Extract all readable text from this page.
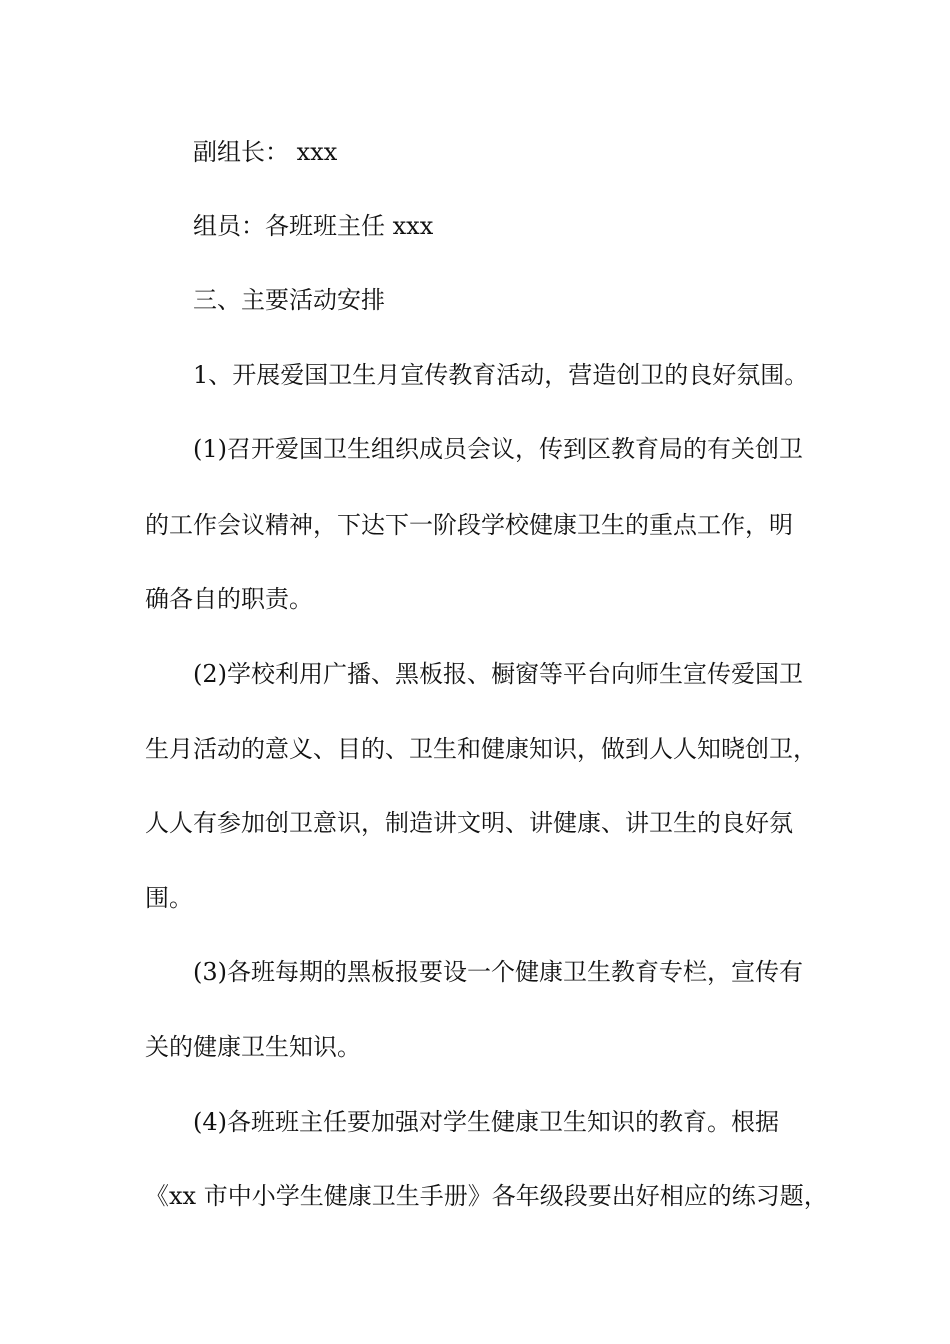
副组长： xxx
组员：各班班主任 xxx
三、主要活动安排
1、开展爱国卫生月宣传教育活动，营造创卫的良好氛围。
(1)召开爱国卫生组织成员会议，传到区教育局的有关创卫
的工作会议精神，下达下一阶段学校健康卫生的重点工作，明
确各自的职责。
(2)学校利用广播、黑板报、橱窗等平台向师生宣传爱国卫
生月活动的意义、目的、卫生和健康知识，做到人人知晓创卫，
人人有参加创卫意识，制造讲文明、讲健康、讲卫生的良好氛
围。
(3)各班每期的黑板报要设一个健康卫生教育专栏，宣传有
关的健康卫生知识。
(4)各班班主任要加强对学生健康卫生知识的教育。根据
《xx 市中小学生健康卫生手册》各年级段要出好相应的练习题，
